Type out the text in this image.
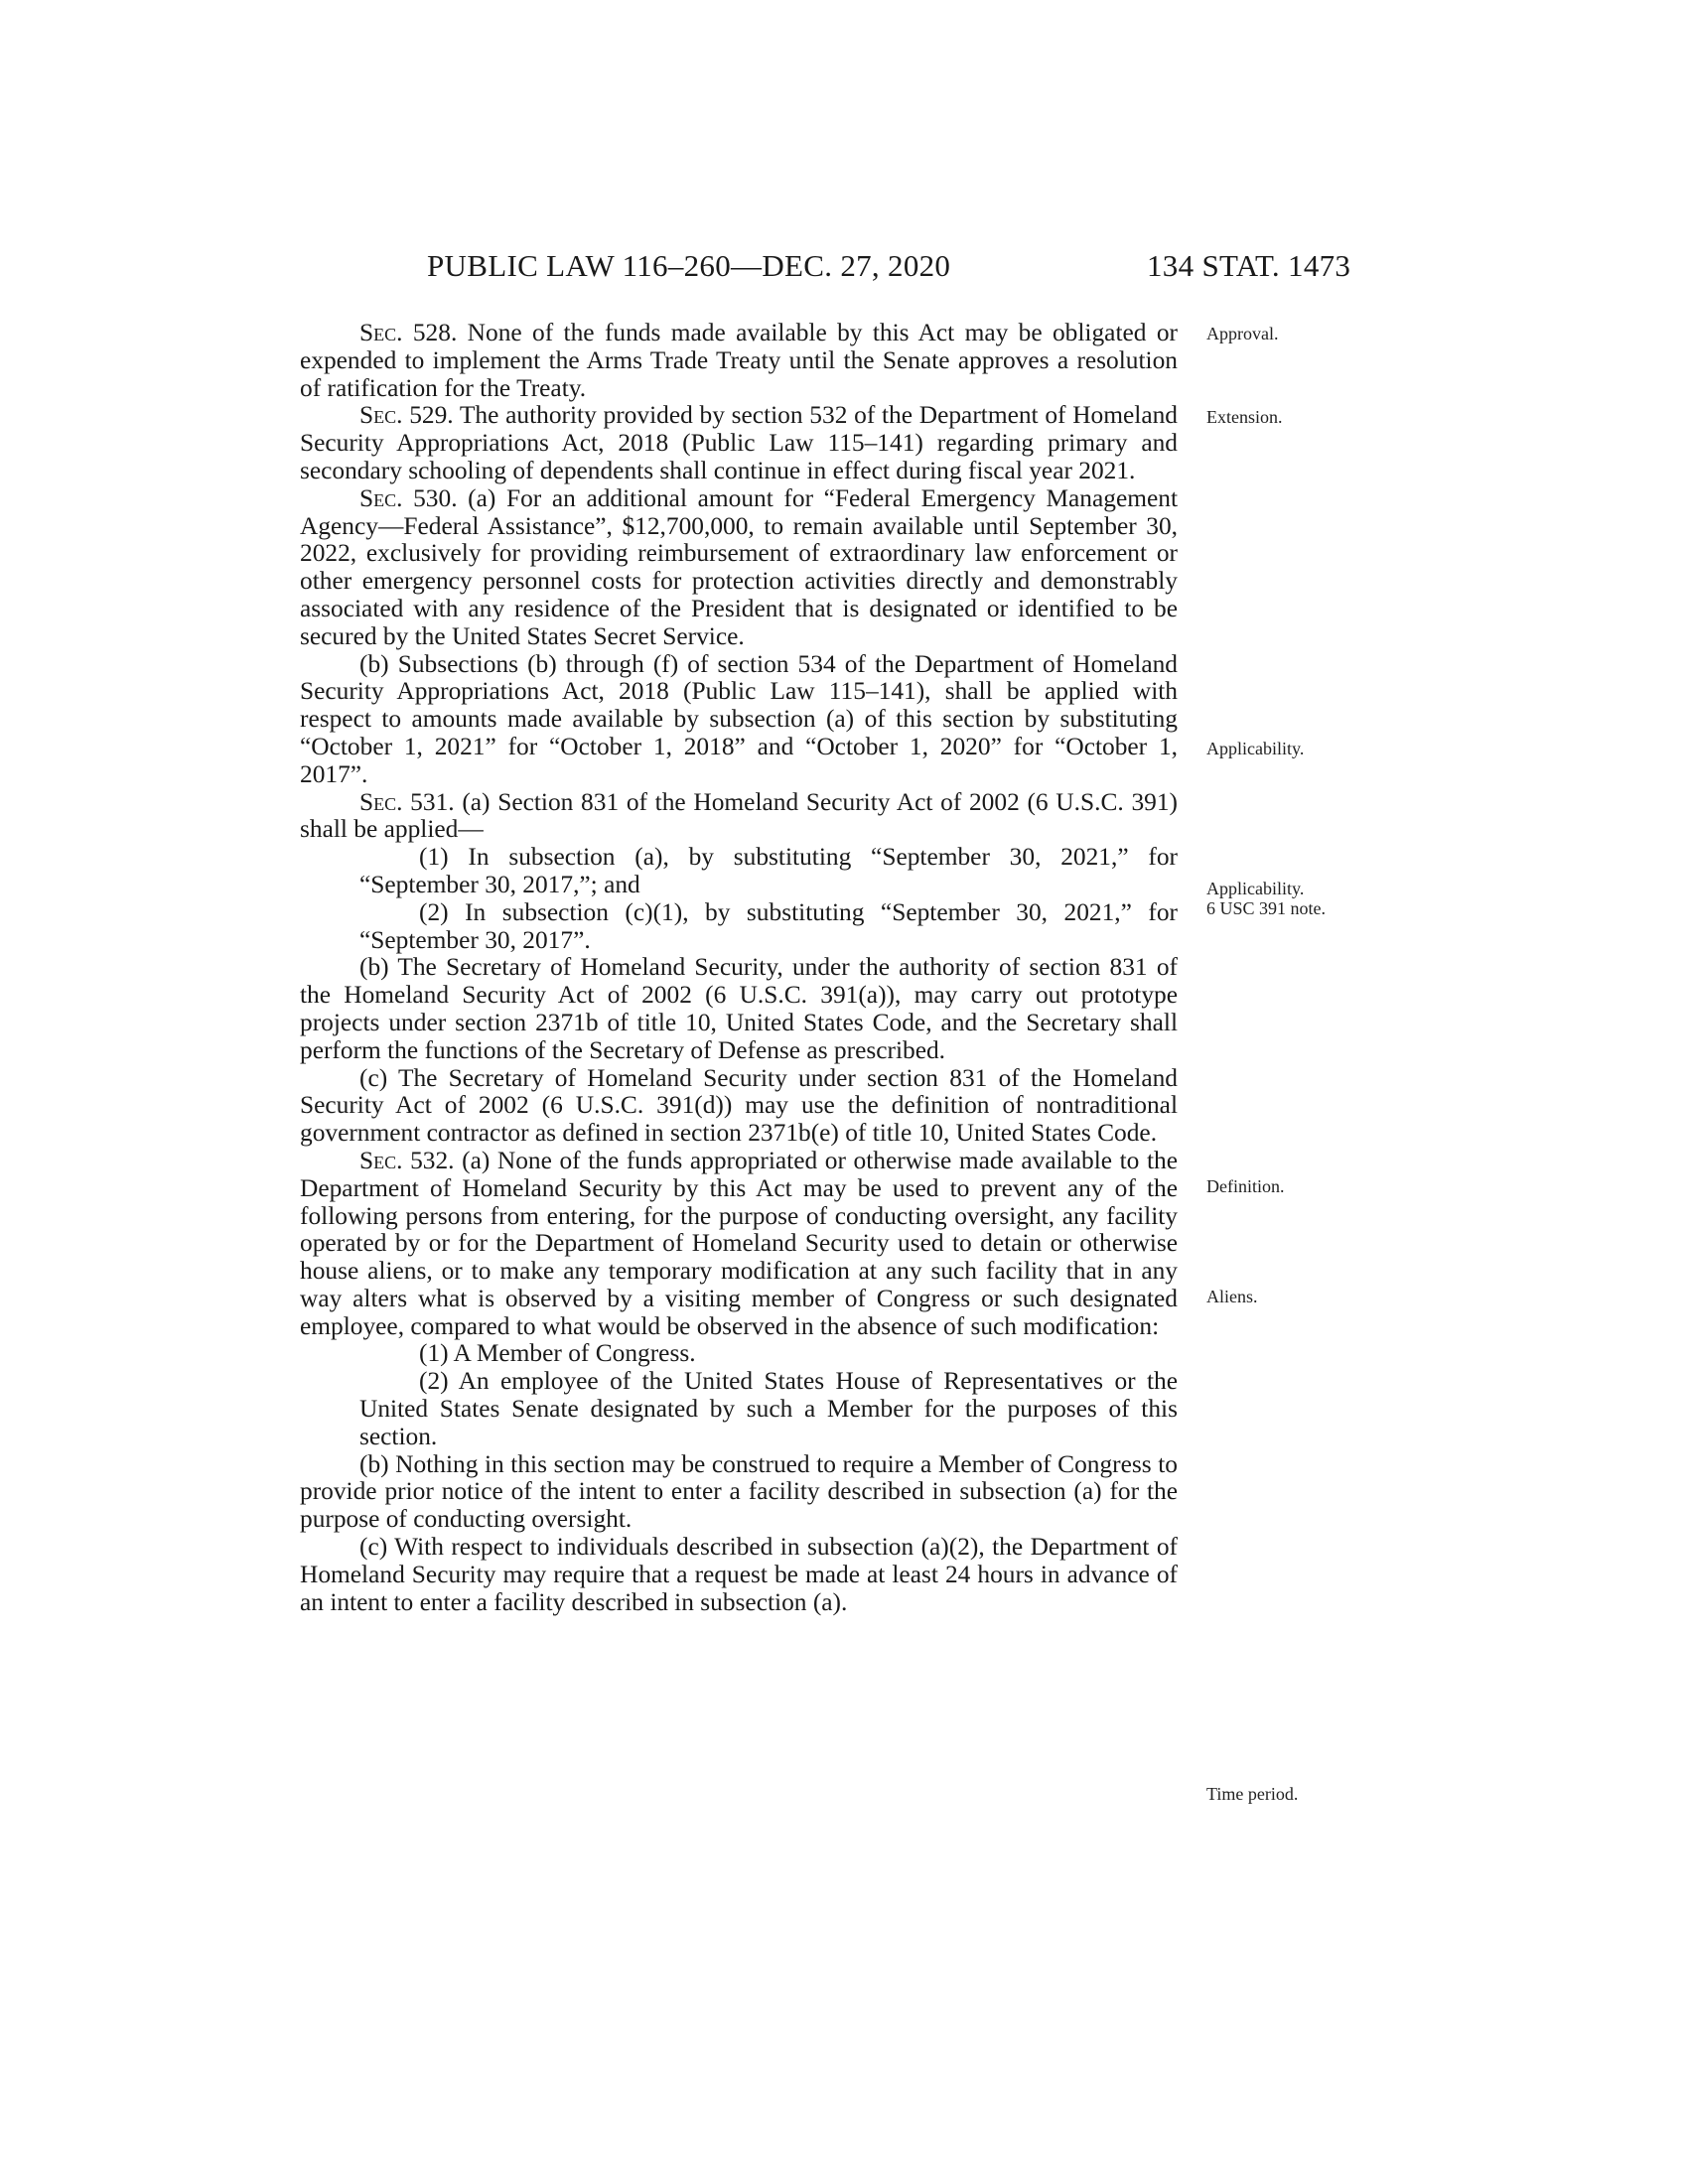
PUBLIC LAW 116–260—DEC. 27, 2020	134 STAT. 1473

Sec. 528. None of the funds made available by this Act may be obligated or expended to implement the Arms Trade Treaty until the Senate approves a resolution of ratification for the Treaty.

Sec. 529. The authority provided by section 532 of the Department of Homeland Security Appropriations Act, 2018 (Public Law 115–141) regarding primary and secondary schooling of dependents shall continue in effect during fiscal year 2021.

Sec. 530. (a) For an additional amount for “Federal Emergency Management Agency—Federal Assistance”, $12,700,000, to remain available until September 30, 2022, exclusively for providing reimbursement of extraordinary law enforcement or other emergency personnel costs for protection activities directly and demonstrably associated with any residence of the President that is designated or identified to be secured by the United States Secret Service.

(b) Subsections (b) through (f) of section 534 of the Department of Homeland Security Appropriations Act, 2018 (Public Law 115–141), shall be applied with respect to amounts made available by subsection (a) of this section by substituting “October 1, 2021” for “October 1, 2018” and “October 1, 2020” for “October 1, 2017”.

Sec. 531. (a) Section 831 of the Homeland Security Act of 2002 (6 U.S.C. 391) shall be applied—

(1) In subsection (a), by substituting “September 30, 2021,” for “September 30, 2017,”; and

(2) In subsection (c)(1), by substituting “September 30, 2021,” for “September 30, 2017”.

(b) The Secretary of Homeland Security, under the authority of section 831 of the Homeland Security Act of 2002 (6 U.S.C. 391(a)), may carry out prototype projects under section 2371b of title 10, United States Code, and the Secretary shall perform the functions of the Secretary of Defense as prescribed.

(c) The Secretary of Homeland Security under section 831 of the Homeland Security Act of 2002 (6 U.S.C. 391(d)) may use the definition of nontraditional government contractor as defined in section 2371b(e) of title 10, United States Code.

Sec. 532. (a) None of the funds appropriated or otherwise made available to the Department of Homeland Security by this Act may be used to prevent any of the following persons from entering, for the purpose of conducting oversight, any facility operated by or for the Department of Homeland Security used to detain or otherwise house aliens, or to make any temporary modification at any such facility that in any way alters what is observed by a visiting member of Congress or such designated employee, compared to what would be observed in the absence of such modification:

(1) A Member of Congress.

(2) An employee of the United States House of Representatives or the United States Senate designated by such a Member for the purposes of this section.

(b) Nothing in this section may be construed to require a Member of Congress to provide prior notice of the intent to enter a facility described in subsection (a) for the purpose of conducting oversight.

(c) With respect to individuals described in subsection (a)(2), the Department of Homeland Security may require that a request be made at least 24 hours in advance of an intent to enter a facility described in subsection (a).

Approval.
Extension.
Applicability.
Applicability.
6 USC 391 note.
Definition.
Aliens.
Time period.
